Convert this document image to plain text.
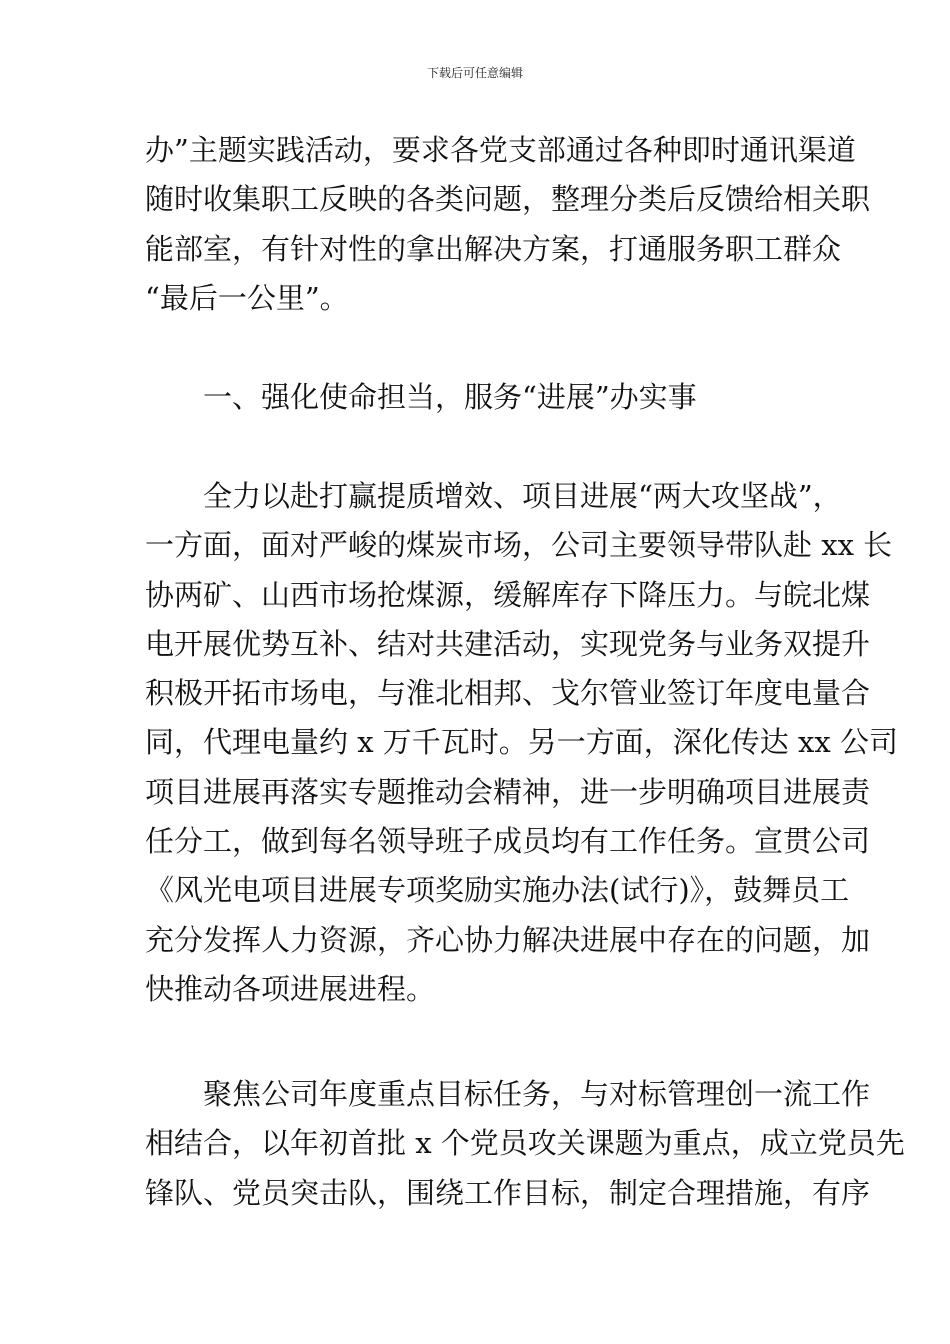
下载后可任意编辑
办”主题实践活动，要求各党支部通过各种即时通讯渠道
随时收集职工反映的各类问题，整理分类后反馈给相关职
能部室，有针对性的拿出解决方案，打通服务职工群众
“最后一公里”。
一、强化使命担当，服务“进展”办实事
全力以赴打赢提质增效、项目进展“两大攻坚战”，
一方面，面对严峻的煤炭市场，公司主要领导带队赴 xx 长
协两矿、山西市场抢煤源，缓解库存下降压力。与皖北煤
电开展优势互补、结对共建活动，实现党务与业务双提升
积极开拓市场电，与淮北相邦、戈尔管业签订年度电量合
同，代理电量约 x 万千瓦时。另一方面，深化传达 xx 公司
项目进展再落实专题推动会精神，进一步明确项目进展责
任分工，做到每名领导班子成员均有工作任务。宣贯公司
《风光电项目进展专项奖励实施办法(试行)》，鼓舞员工
充分发挥人力资源，齐心协力解决进展中存在的问题，加
快推动各项进展进程。
聚焦公司年度重点目标任务，与对标管理创一流工作
相结合，以年初首批 x 个党员攻关课题为重点，成立党员先
锋队、党员突击队，围绕工作目标，制定合理措施，有序
